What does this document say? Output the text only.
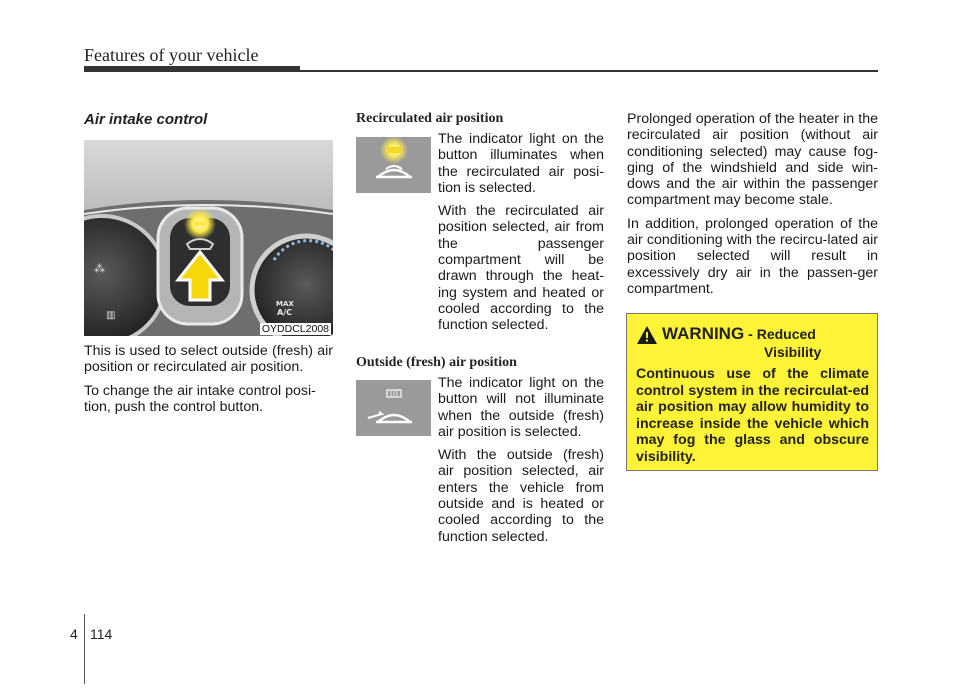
Features of your vehicle
Air intake control
⁂
▥
MAX
A/C
OYDDCL2008

This is used to select outside (fresh) air position or recirculated air position.

To change the air intake control posi-tion, push the control button.

Recirculated air position

The indicator light on the button illuminates when the recirculated air posi-tion is selected.

With the recirculated air position selected, air from the passenger compartment will be drawn through the heat-ing system and heated or cooled according to the function selected.

Outside (fresh) air position

The indicator light on the button will not illuminate when the outside (fresh) air position is selected.

With the outside (fresh) air position selected, air enters the vehicle from outside and is heated or cooled according to the function selected.

Prolonged operation of the heater in the recirculated air position (without air conditioning selected) may cause fog-ging of the windshield and side win-dows and the air within the passenger compartment may become stale.

In addition, prolonged operation of the air conditioning with the recircu-lated air position selected will result in excessively dry air in the passen-ger compartment.

WARNING - Reduced
Visibility
Continuous use of the climate control system in the recirculat-ed air position may allow humidity to increase inside the vehicle which may fog the glass and obscure visibility.
4 114
